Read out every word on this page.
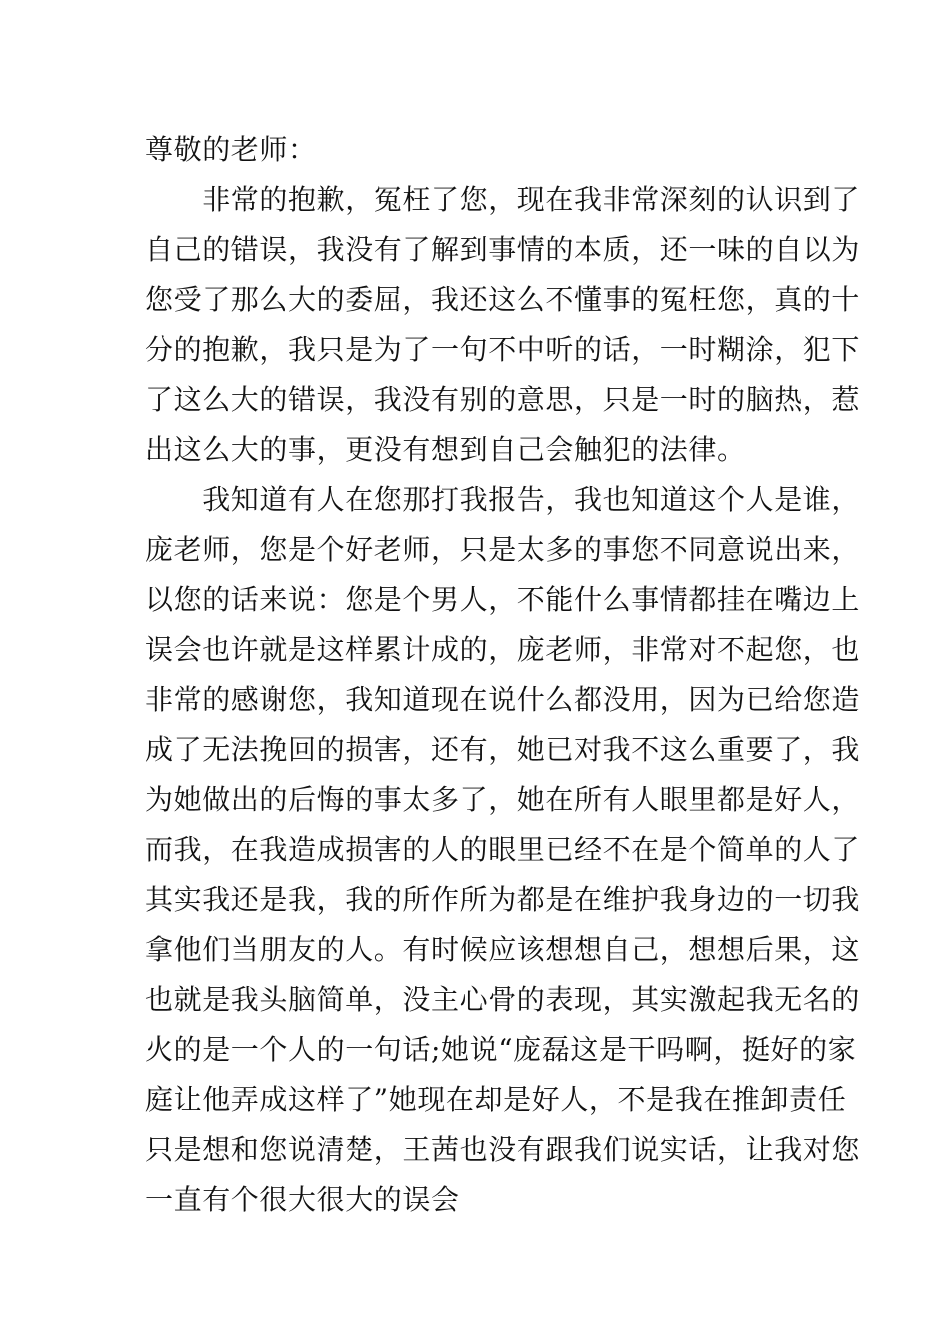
尊敬的老师：
　　非常的抱歉，冤枉了您，现在我非常深刻的认识到了
自己的错误，我没有了解到事情的本质，还一味的自以为
您受了那么大的委屈，我还这么不懂事的冤枉您，真的十
分的抱歉，我只是为了一句不中听的话，一时糊涂，犯下
了这么大的错误，我没有别的意思，只是一时的脑热，惹
出这么大的事，更没有想到自己会触犯的法律。
　　我知道有人在您那打我报告，我也知道这个人是谁，
庞老师，您是个好老师，只是太多的事您不同意说出来，
以您的话来说：您是个男人，不能什么事情都挂在嘴边上
误会也许就是这样累计成的，庞老师，非常对不起您，也
非常的感谢您，我知道现在说什么都没用，因为已给您造
成了无法挽回的损害，还有，她已对我不这么重要了，我
为她做出的后悔的事太多了，她在所有人眼里都是好人，
而我，在我造成损害的人的眼里已经不在是个简单的人了
其实我还是我，我的所作所为都是在维护我身边的一切我
拿他们当朋友的人。有时候应该想想自己，想想后果，这
也就是我头脑简单，没主心骨的表现，其实激起我无名的
火的是一个人的一句话;她说“庞磊这是干吗啊，挺好的家
庭让他弄成这样了”她现在却是好人，不是我在推卸责任
只是想和您说清楚，王茜也没有跟我们说实话，让我对您
一直有个很大很大的误会
